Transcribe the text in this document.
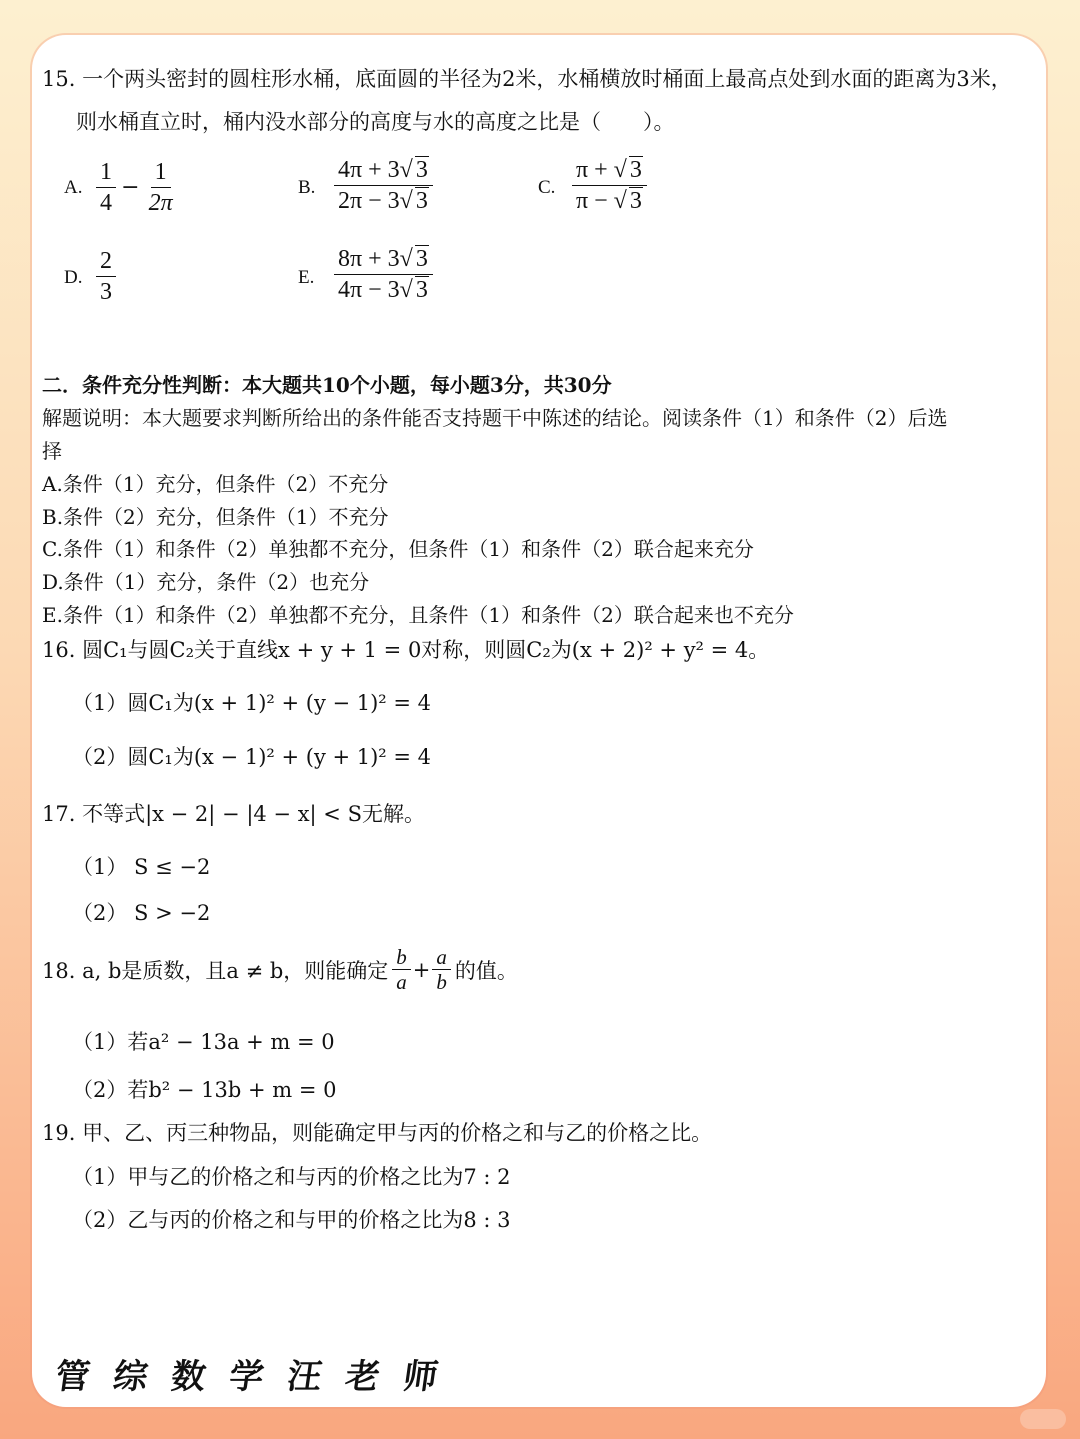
15. 一个两头密封的圆柱形水桶，底面圆的半径为2米，水桶横放时桶面上最高点处到水面的距离为3米，
则水桶直立时，桶内没水部分的高度与水的高度之比是（　　）。
A. $\frac{1}{4} - \frac{1}{2\pi}$	B. $\frac{4\pi + 3√ 3}{2\pi - 3√ 3}$	C. $\frac{\pi + √ 3}{\pi - √ 3}$
D. $\frac{2}{3}$	E. $\frac{8\pi + 3√ 3}{4\pi - 3√ 3}$
二．条件充分性判断：本大题共10个小题，每小题3分，共30分
解题说明：本大题要求判断所给出的条件能否支持题干中陈述的结论。阅读条件（1）和条件（2）后选
择
A.条件（1）充分，但条件（2）不充分
B.条件（2）充分，但条件（1）不充分
C.条件（1）和条件（2）单独都不充分，但条件（1）和条件（2）联合起来充分
D.条件（1）充分，条件（2）也充分
E.条件（1）和条件（2）单独都不充分，且条件（1）和条件（2）联合起来也不充分
16. 圆C₁与圆C₂关于直线x + y + 1 = 0对称，则圆C₂为(x + 2)² + y² = 4。
（1）圆C₁为(x + 1)² + (y − 1)² = 4
（2）圆C₁为(x − 1)² + (y + 1)² = 4
17. 不等式|x − 2| − |4 − x| < S无解。
（1） S ≤ −2
（2） S > −2
18. a, b是质数，且a ≠ b，则能确定 $\frac{b}{a} + \frac{a}{b}$ 的值。
（1）若a² − 13a + m = 0
（2）若b² − 13b + m = 0
19. 甲、乙、丙三种物品，则能确定甲与丙的价格之和与乙的价格之比。
（1）甲与乙的价格之和与丙的价格之比为7 : 2
（2）乙与丙的价格之和与甲的价格之比为8 : 3
管综数学汪老师
